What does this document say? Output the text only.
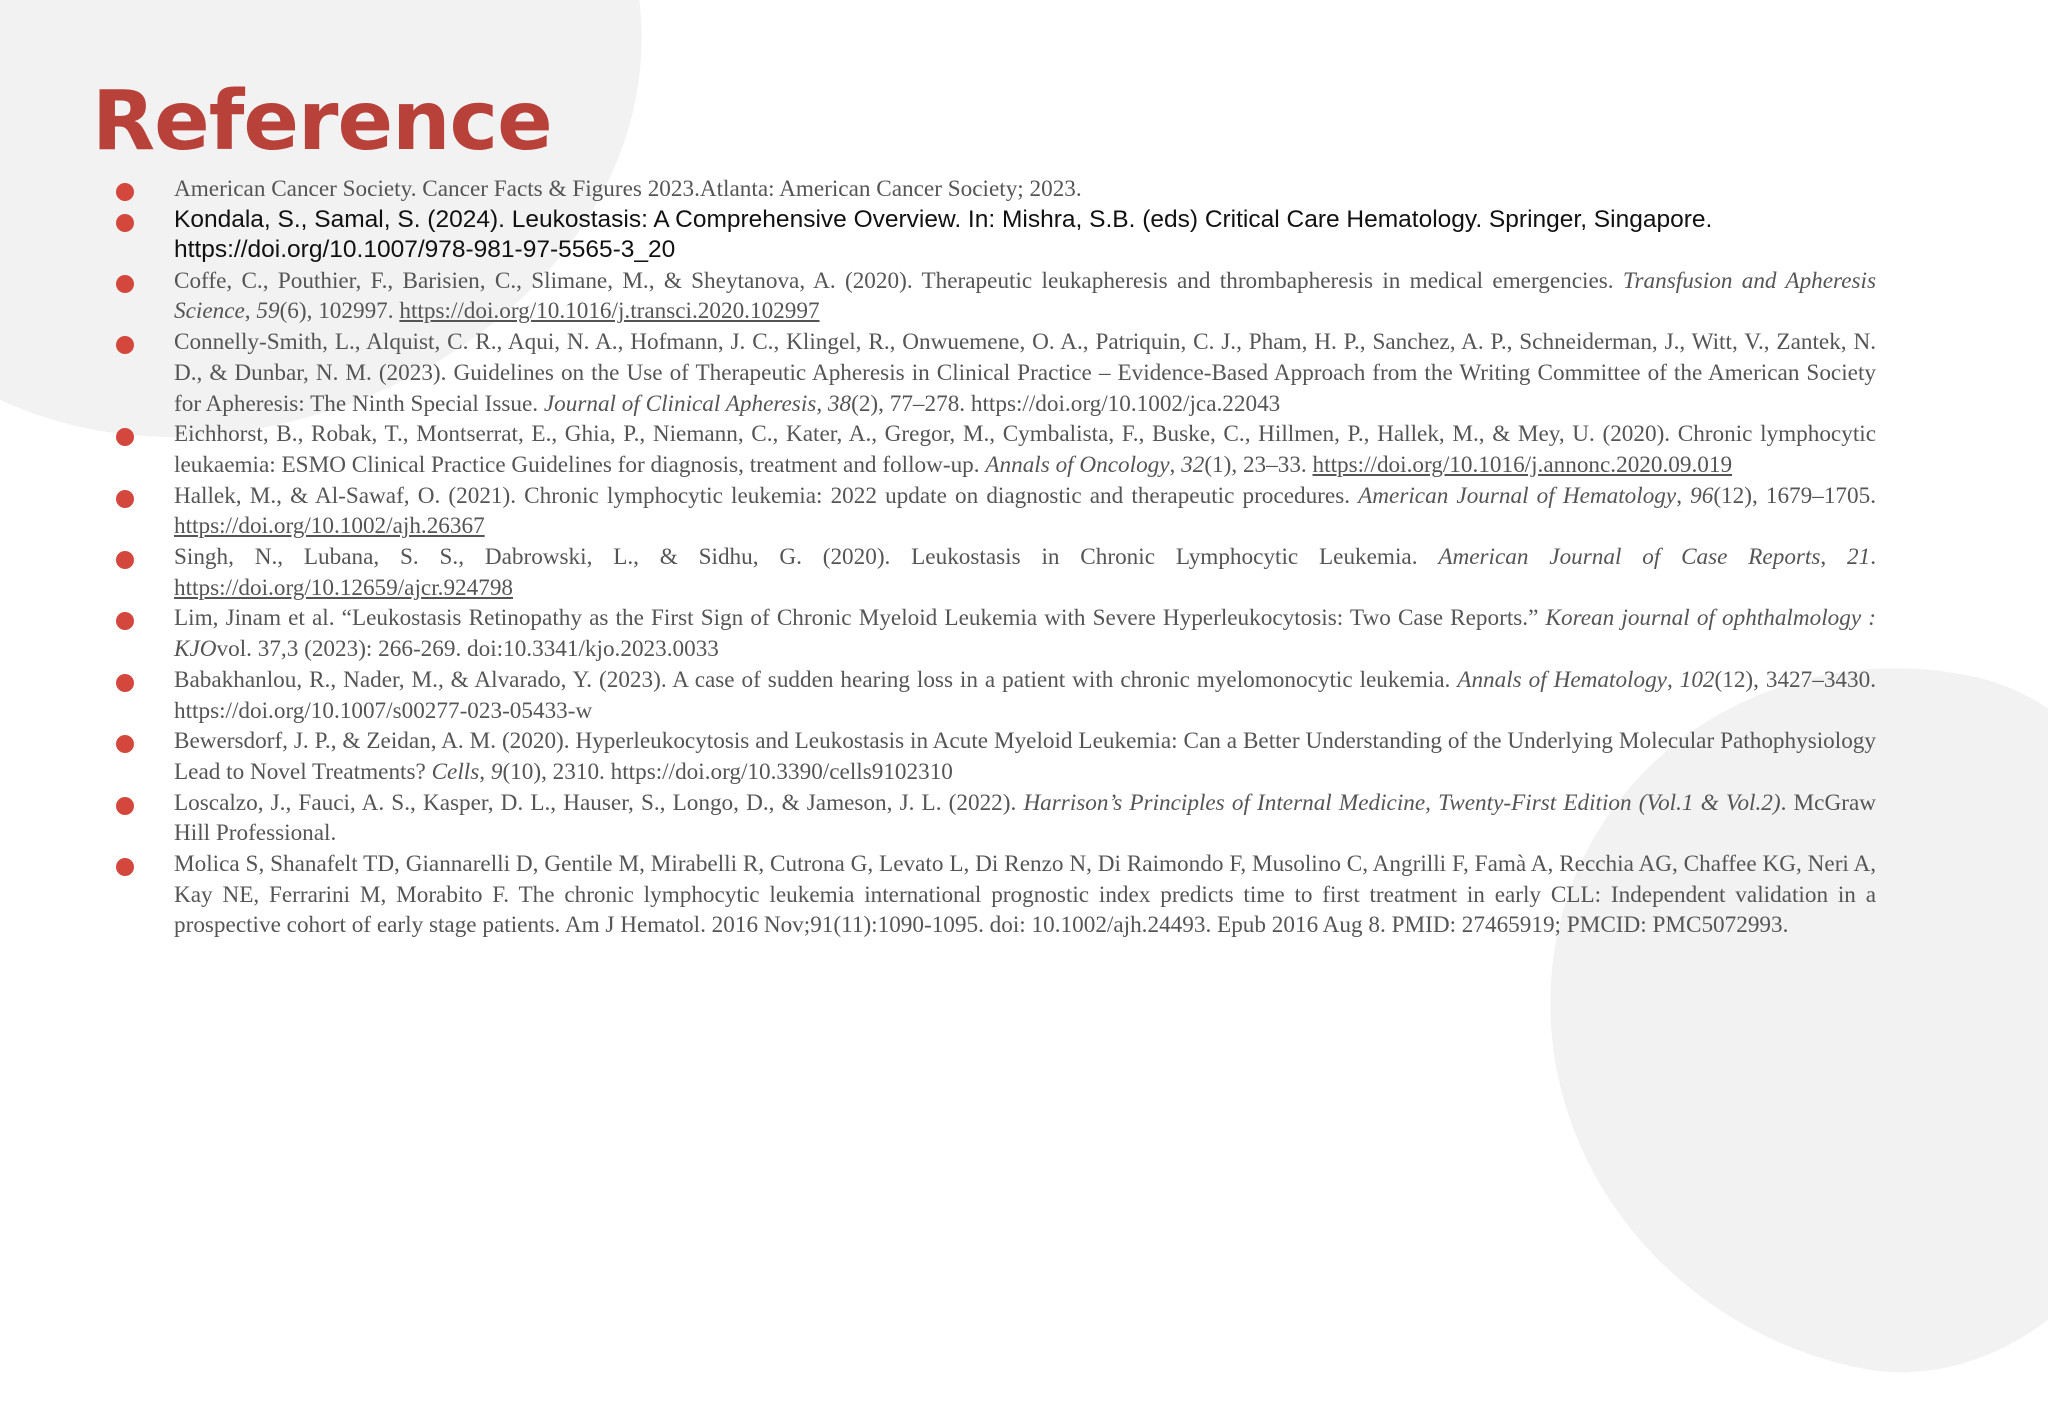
Reference
American Cancer Society. Cancer Facts & Figures 2023.Atlanta: American Cancer Society; 2023.
Kondala, S., Samal, S. (2024). Leukostasis: A Comprehensive Overview. In: Mishra, S.B. (eds) Critical Care Hematology. Springer, Singapore. https://doi.org/10.1007/978-981-97-5565-3_20
Coffe, C., Pouthier, F., Barisien, C., Slimane, M., & Sheytanova, A. (2020). Therapeutic leukapheresis and thrombapheresis in medical emergencies. Transfusion and Apheresis Science, 59(6), 102997. https://doi.org/10.1016/j.transci.2020.102997
Connelly-Smith, L., Alquist, C. R., Aqui, N. A., Hofmann, J. C., Klingel, R., Onwuemene, O. A., Patriquin, C. J., Pham, H. P., Sanchez, A. P., Schneiderman, J., Witt, V., Zantek, N. D., & Dunbar, N. M. (2023). Guidelines on the Use of Therapeutic Apheresis in Clinical Practice – Evidence-Based Approach from the Writing Committee of the American Society for Apheresis: The Ninth Special Issue. Journal of Clinical Apheresis, 38(2), 77–278. https://doi.org/10.1002/jca.22043
Eichhorst, B., Robak, T., Montserrat, E., Ghia, P., Niemann, C., Kater, A., Gregor, M., Cymbalista, F., Buske, C., Hillmen, P., Hallek, M., & Mey, U. (2020). Chronic lymphocytic leukaemia: ESMO Clinical Practice Guidelines for diagnosis, treatment and follow-up. Annals of Oncology, 32(1), 23–33. https://doi.org/10.1016/j.annonc.2020.09.019
Hallek, M., & Al-Sawaf, O. (2021). Chronic lymphocytic leukemia: 2022 update on diagnostic and therapeutic procedures. American Journal of Hematology, 96(12), 1679–1705. https://doi.org/10.1002/ajh.26367
Singh, N., Lubana, S. S., Dabrowski, L., & Sidhu, G. (2020). Leukostasis in Chronic Lymphocytic Leukemia. American Journal of Case Reports, 21. https://doi.org/10.12659/ajcr.924798
Lim, Jinam et al. “Leukostasis Retinopathy as the First Sign of Chronic Myeloid Leukemia with Severe Hyperleukocytosis: Two Case Reports.” Korean journal of ophthalmology : KJOvol. 37,3 (2023): 266-269. doi:10.3341/kjo.2023.0033
Babakhanlou, R., Nader, M., & Alvarado, Y. (2023). A case of sudden hearing loss in a patient with chronic myelomonocytic leukemia. Annals of Hematology, 102(12), 3427–3430. https://doi.org/10.1007/s00277-023-05433-w
Bewersdorf, J. P., & Zeidan, A. M. (2020). Hyperleukocytosis and Leukostasis in Acute Myeloid Leukemia: Can a Better Understanding of the Underlying Molecular Pathophysiology Lead to Novel Treatments? Cells, 9(10), 2310. https://doi.org/10.3390/cells9102310
Loscalzo, J., Fauci, A. S., Kasper, D. L., Hauser, S., Longo, D., & Jameson, J. L. (2022). Harrison’s Principles of Internal Medicine, Twenty-First Edition (Vol.1 & Vol.2). McGraw Hill Professional.
Molica S, Shanafelt TD, Giannarelli D, Gentile M, Mirabelli R, Cutrona G, Levato L, Di Renzo N, Di Raimondo F, Musolino C, Angrilli F, Famà A, Recchia AG, Chaffee KG, Neri A, Kay NE, Ferrarini M, Morabito F. The chronic lymphocytic leukemia international prognostic index predicts time to first treatment in early CLL: Independent validation in a prospective cohort of early stage patients. Am J Hematol. 2016 Nov;91(11):1090-1095. doi: 10.1002/ajh.24493. Epub 2016 Aug 8. PMID: 27465919; PMCID: PMC5072993.
